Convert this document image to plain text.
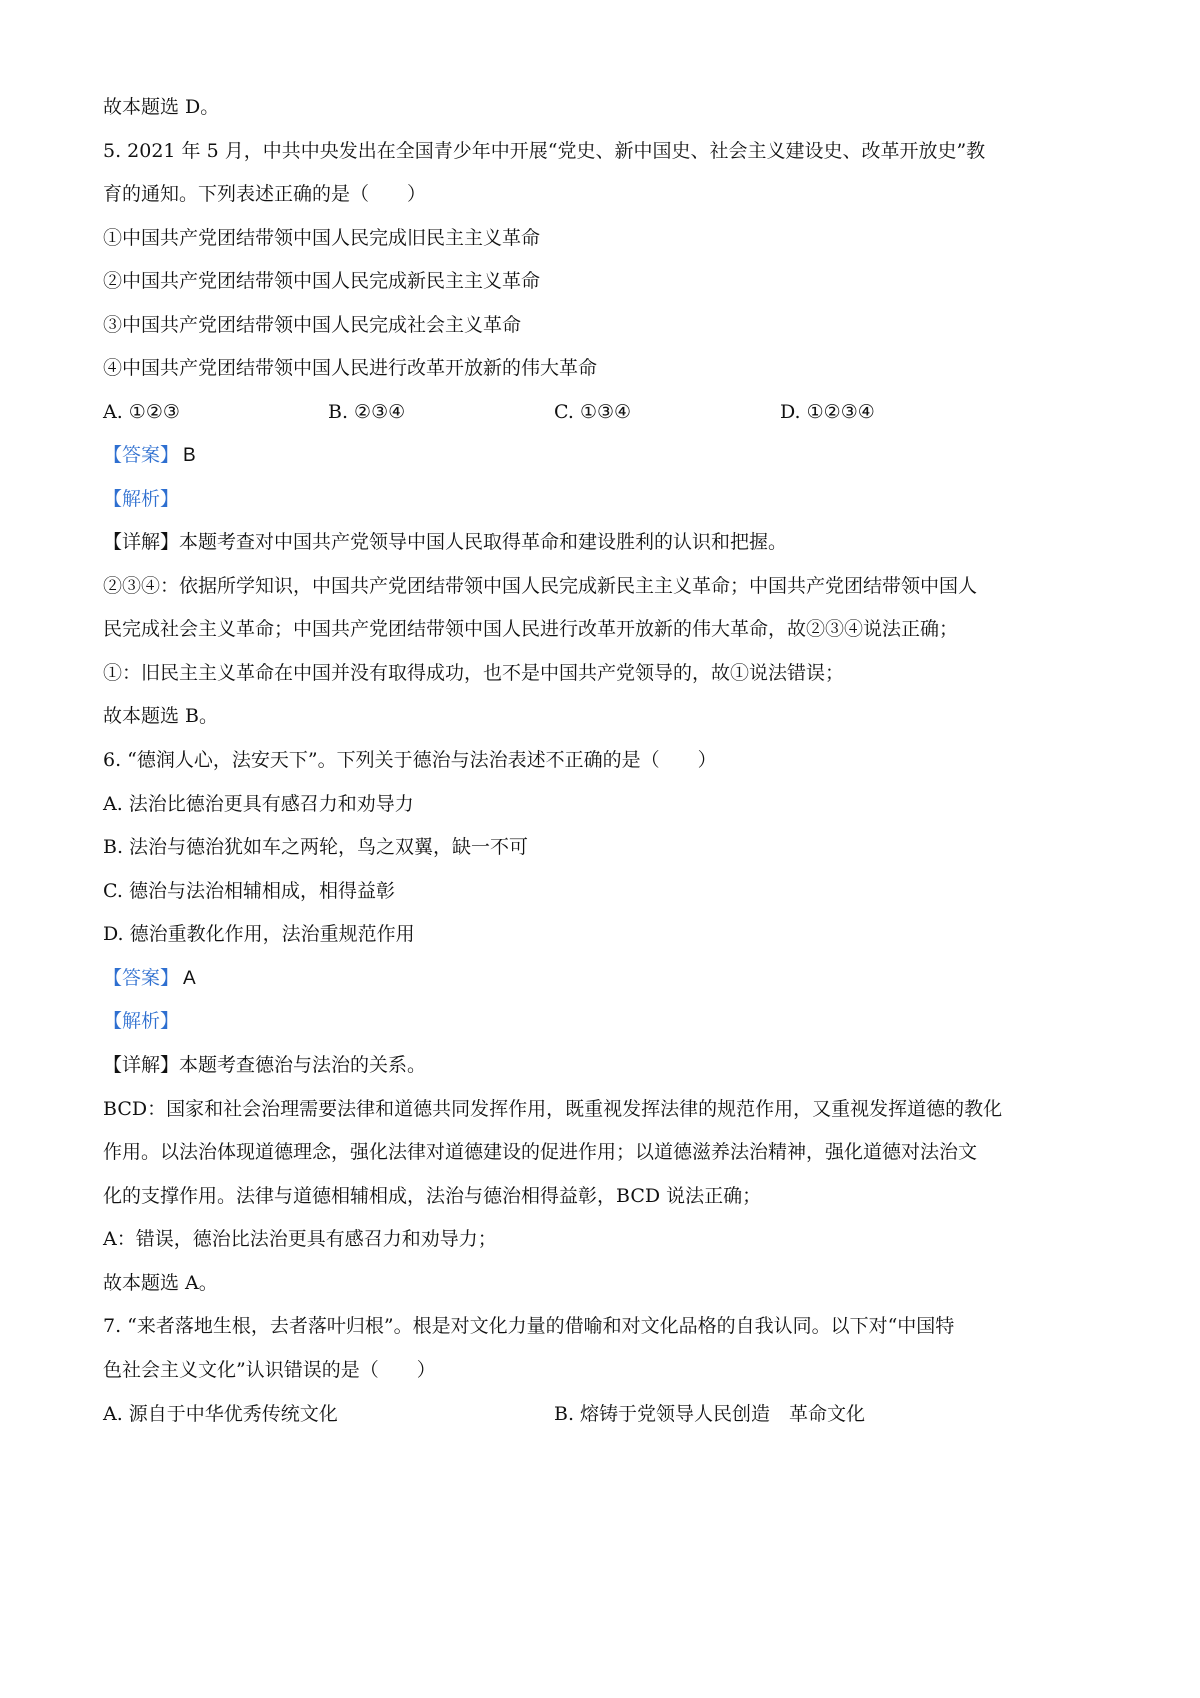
故本题选 D。
5. 2021 年 5 月，中共中央发出在全国青少年中开展“党史、新中国史、社会主义建设史、改革开放史”教
育的通知。下列表述正确的是（　　）
①中国共产党团结带领中国人民完成旧民主主义革命
②中国共产党团结带领中国人民完成新民主主义革命
③中国共产党团结带领中国人民完成社会主义革命
④中国共产党团结带领中国人民进行改革开放新的伟大革命
A. ①②③	B. ②③④	C. ①③④	D. ①②③④
【答案】 B
【解析】
【详解】本题考查对中国共产党领导中国人民取得革命和建设胜利的认识和把握。
②③④：依据所学知识，中国共产党团结带领中国人民完成新民主主义革命；中国共产党团结带领中国人
民完成社会主义革命；中国共产党团结带领中国人民进行改革开放新的伟大革命，故②③④说法正确；
①：旧民主主义革命在中国并没有取得成功，也不是中国共产党领导的，故①说法错误；
故本题选 B。
6. “德润人心，法安天下”。下列关于德治与法治表述不正确的是（　　）
A. 法治比德治更具有感召力和劝导力
B. 法治与德治犹如车之两轮，鸟之双翼，缺一不可
C. 德治与法治相辅相成，相得益彰
D. 德治重教化作用，法治重规范作用
【答案】 A
【解析】
【详解】本题考查德治与法治的关系。
BCD：国家和社会治理需要法律和道德共同发挥作用，既重视发挥法律的规范作用，又重视发挥道德的教化
作用。以法治体现道德理念，强化法律对道德建设的促进作用；以道德滋养法治精神，强化道德对法治文
化的支撑作用。法律与道德相辅相成，法治与德治相得益彰，BCD 说法正确；
A：错误，德治比法治更具有感召力和劝导力；
故本题选 A。
7. “来者落地生根，去者落叶归根”。根是对文化力量的借喻和对文化品格的自我认同。以下对“中国特
色社会主义文化”认识错误的是（　　）
A. 源自于中华优秀传统文化	B. 熔铸于党领导人民创造　革命文化
